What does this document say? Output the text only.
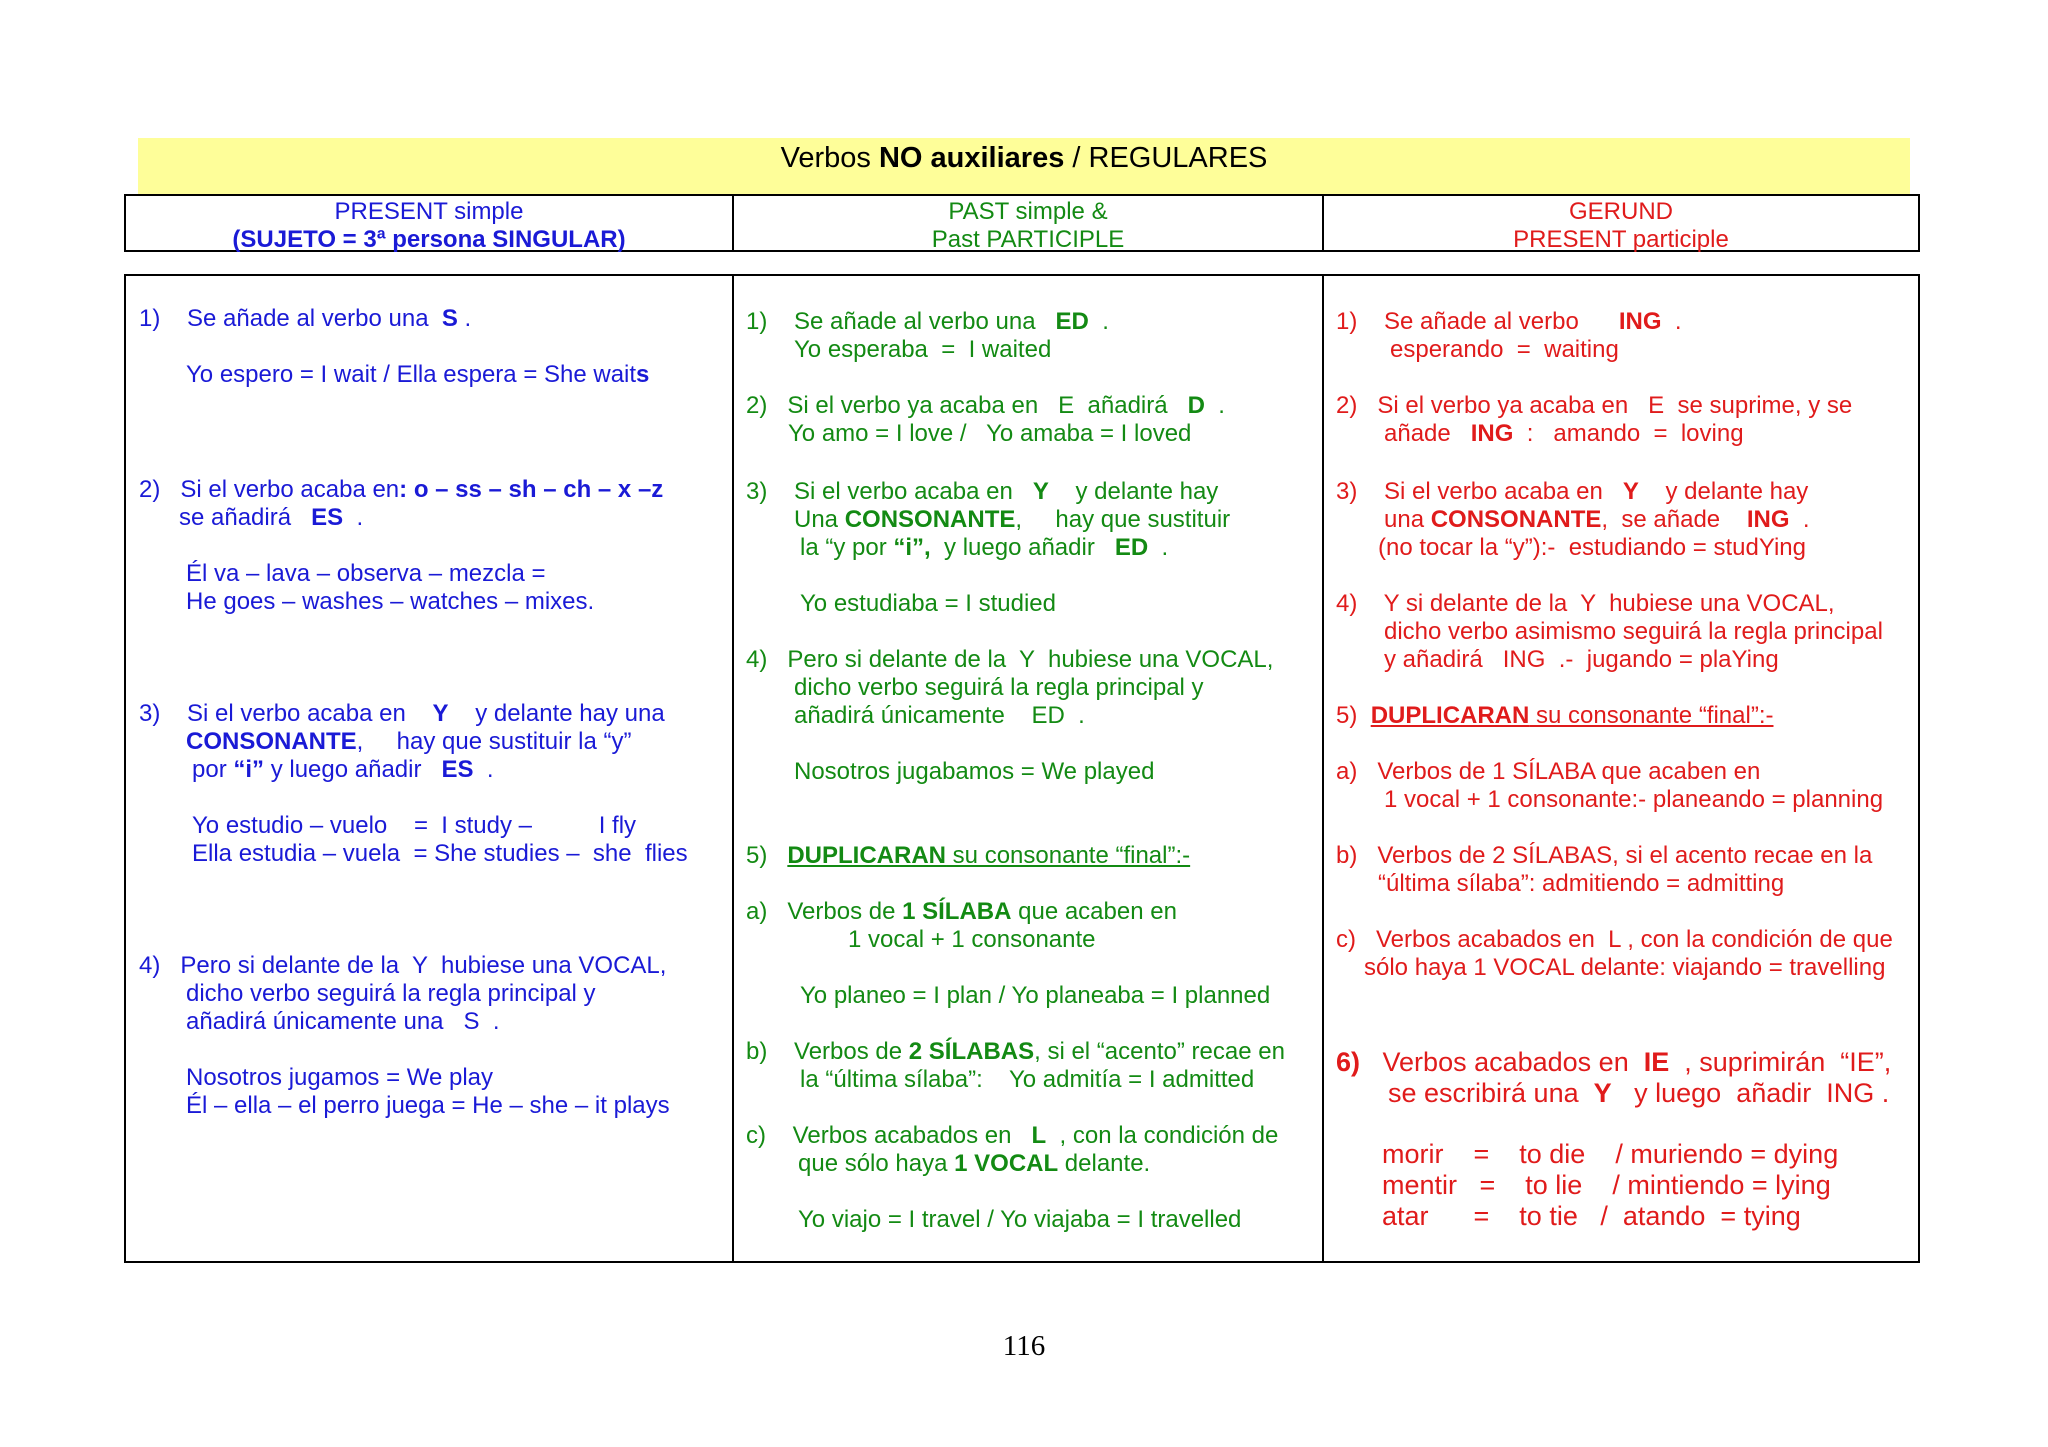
Verbos NO auxiliares / REGULARES
PRESENT simple
(SUJETO = 3ª persona SINGULAR)
PAST simple &
Past PARTICIPLE
GERUND
PRESENT participle
1)    Se añade al verbo una  S .
Yo espero = I wait / Ella espera = She waits
2)   Si el verbo acaba en: o – ss – sh – ch – x –z
se añadirá   ES  .
Él va – lava – observa – mezcla =
He goes – washes – watches – mixes.
3)    Si el verbo acaba en    Y    y delante hay una
CONSONANTE,     hay que sustituir la “y”
por “i” y luego añadir   ES  .
Yo estudio – vuelo    =  I study –          I fly
Ella estudia – vuela  = She studies –  she  flies
4)   Pero si delante de la  Y  hubiese una VOCAL,
dicho verbo seguirá la regla principal y
añadirá únicamente una   S  .
Nosotros jugamos = We play
Él – ella – el perro juega = He – she – it plays
1)    Se añade al verbo una   ED  .
Yo esperaba  =  I waited
2)   Si el verbo ya acaba en   E  añadirá   D  .
Yo amo = I love /   Yo amaba = I loved
3)    Si el verbo acaba en   Y    y delante hay
Una CONSONANTE,     hay que sustituir
la “y por “i”,  y luego añadir   ED  .
Yo estudiaba = I studied
4)   Pero si delante de la  Y  hubiese una VOCAL,
dicho verbo seguirá la regla principal y
añadirá únicamente    ED  .
Nosotros jugabamos = We played
5)   DUPLICARAN su consonante “final”:-
a)   Verbos de 1 SÍLABA que acaben en
1 vocal + 1 consonante
Yo planeo = I plan / Yo planeaba = I planned
b)    Verbos de 2 SÍLABAS, si el “acento” recae en
la “última sílaba”:    Yo admitía = I admitted
c)    Verbos acabados en   L  , con la condición de
que sólo haya 1 VOCAL delante.
Yo viajo = I travel / Yo viajaba = I travelled
1)    Se añade al verbo      ING  .
esperando  =  waiting
2)   Si el verbo ya acaba en   E  se suprime, y se
añade   ING  :   amando  =  loving
3)    Si el verbo acaba en   Y    y delante hay
una CONSONANTE,  se añade    ING  .
(no tocar la “y”):-  estudiando = studYing
4)    Y si delante de la  Y  hubiese una VOCAL,
dicho verbo asimismo seguirá la regla principal
y añadirá   ING  .-  jugando = plaYing
5)  DUPLICARAN su consonante “final”:-
a)   Verbos de 1 SÍLABA que acaben en
1 vocal + 1 consonante:- planeando = planning
b)   Verbos de 2 SÍLABAS, si el acento recae en la
“última sílaba”: admitiendo = admitting
c)   Verbos acabados en  L , con la condición de que
sólo haya 1 VOCAL delante: viajando = travelling
6)   Verbos acabados en  IE  , suprimirán  “IE”,
se escribirá una  Y   y luego  añadir  ING .
morir    =    to die    / muriendo = dying
mentir   =    to lie    / mintiendo = lying
atar      =    to tie   /  atando  = tying
116
